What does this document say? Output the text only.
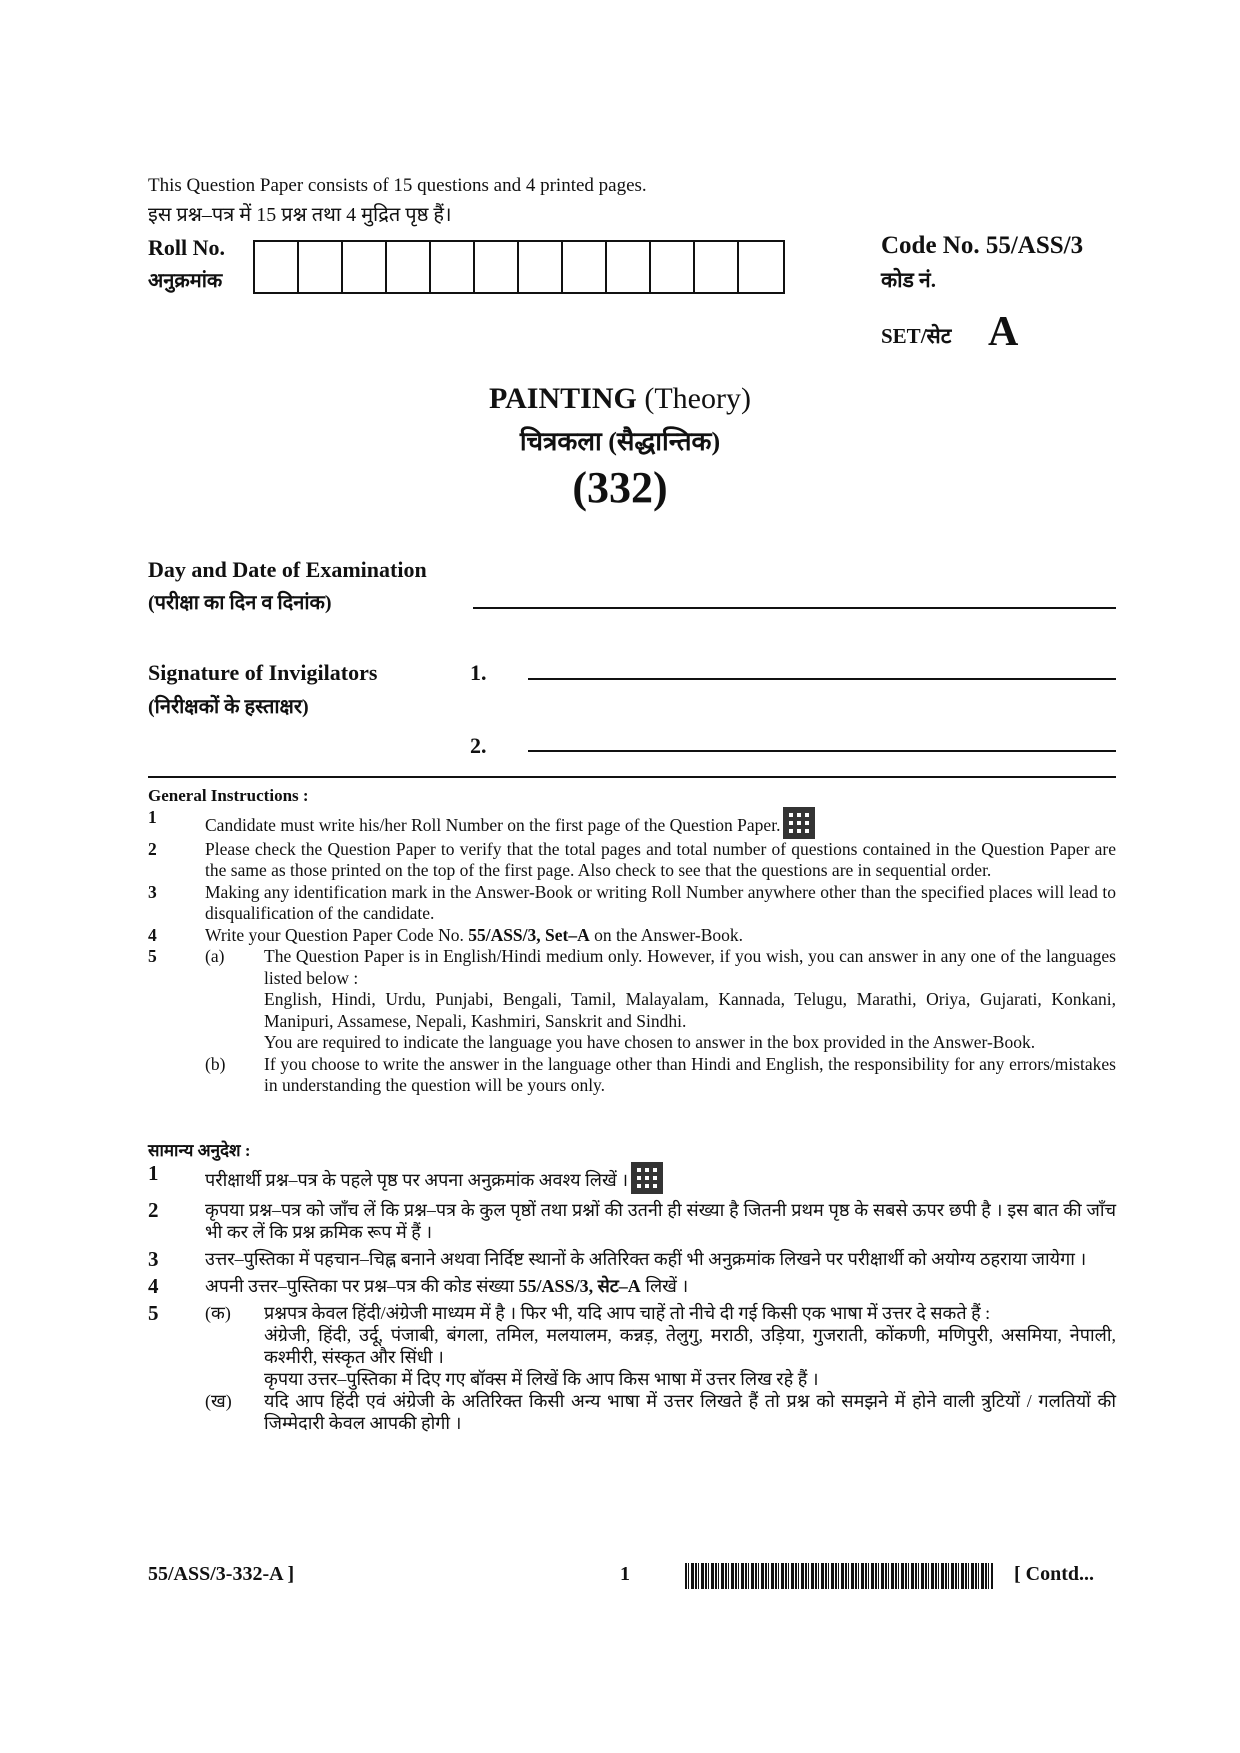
This Question Paper consists of 15 questions and 4 printed pages.
इस प्रश्न–पत्र में 15 प्रश्न तथा 4 मुद्रित पृष्ठ हैं।
Roll No.
अनुक्रमांक
Code No. 55/ASS/3
कोड नं.
SET/सेट A
PAINTING (Theory)
चित्रकला (सैद्धान्तिक)
(332)
Day and Date of Examination
(परीक्षा का दिन व दिनांक)
Signature of Invigilators
(निरीक्षकों के हस्ताक्षर)
1.
2.
General Instructions :
1	Candidate must write his/her Roll Number on the first page of the Question Paper.
2	Please check the Question Paper to verify that the total pages and total number of questions contained in the Question Paper are the same as those printed on the top of the first page. Also check to see that the questions are in sequential order.
3	Making any identification mark in the Answer-Book or writing Roll Number anywhere other than the specified places will lead to disqualification of the candidate.
4	Write your Question Paper Code No. 55/ASS/3, Set–A on the Answer-Book.
5	(a)	The Question Paper is in English/Hindi medium only. However, if you wish, you can answer in any one of the languages listed below :
English, Hindi, Urdu, Punjabi, Bengali, Tamil, Malayalam, Kannada, Telugu, Marathi, Oriya, Gujarati, Konkani, Manipuri, Assamese, Nepali, Kashmiri, Sanskrit and Sindhi.
You are required to indicate the language you have chosen to answer in the box provided in the Answer-Book.
(b)	If you choose to write the answer in the language other than Hindi and English, the responsibility for any errors/mistakes in understanding the question will be yours only.
सामान्य अनुदेश :
1	परीक्षार्थी प्रश्न–पत्र के पहले पृष्ठ पर अपना अनुक्रमांक अवश्य लिखें ।
2	कृपया प्रश्न–पत्र को जाँच लें कि प्रश्न–पत्र के कुल पृष्ठों तथा प्रश्नों की उतनी ही संख्या है जितनी प्रथम पृष्ठ के सबसे ऊपर छपी है । इस बात की जाँच भी कर लें कि प्रश्न क्रमिक रूप में हैं ।
3	उत्तर–पुस्तिका में पहचान–चिह्न बनाने अथवा निर्दिष्ट स्थानों के अतिरिक्त कहीं भी अनुक्रमांक लिखने पर परीक्षार्थी को अयोग्य ठहराया जायेगा ।
4	अपनी उत्तर–पुस्तिका पर प्रश्न–पत्र की कोड संख्या 55/ASS/3, सेट–A लिखें ।
5	(क)	प्रश्नपत्र केवल हिंदी/अंग्रेजी माध्यम में है । फिर भी, यदि आप चाहें तो नीचे दी गई किसी एक भाषा में उत्तर दे सकते हैं :
अंग्रेजी, हिंदी, उर्दू, पंजाबी, बंगला, तमिल, मलयालम, कन्नड़, तेलुगु, मराठी, उड़िया, गुजराती, कोंकणी, मणिपुरी, असमिया, नेपाली, कश्मीरी, संस्कृत और सिंधी ।
कृपया उत्तर–पुस्तिका में दिए गए बॉक्स में लिखें कि आप किस भाषा में उत्तर लिख रहे हैं ।
(ख)	यदि आप हिंदी एवं अंग्रेजी के अतिरिक्त किसी अन्य भाषा में उत्तर लिखते हैं तो प्रश्न को समझने में होने वाली त्रुटियों / गलतियों की जिम्मेदारी केवल आपकी होगी ।
55/ASS/3-332-A ]	1	[ Contd...
